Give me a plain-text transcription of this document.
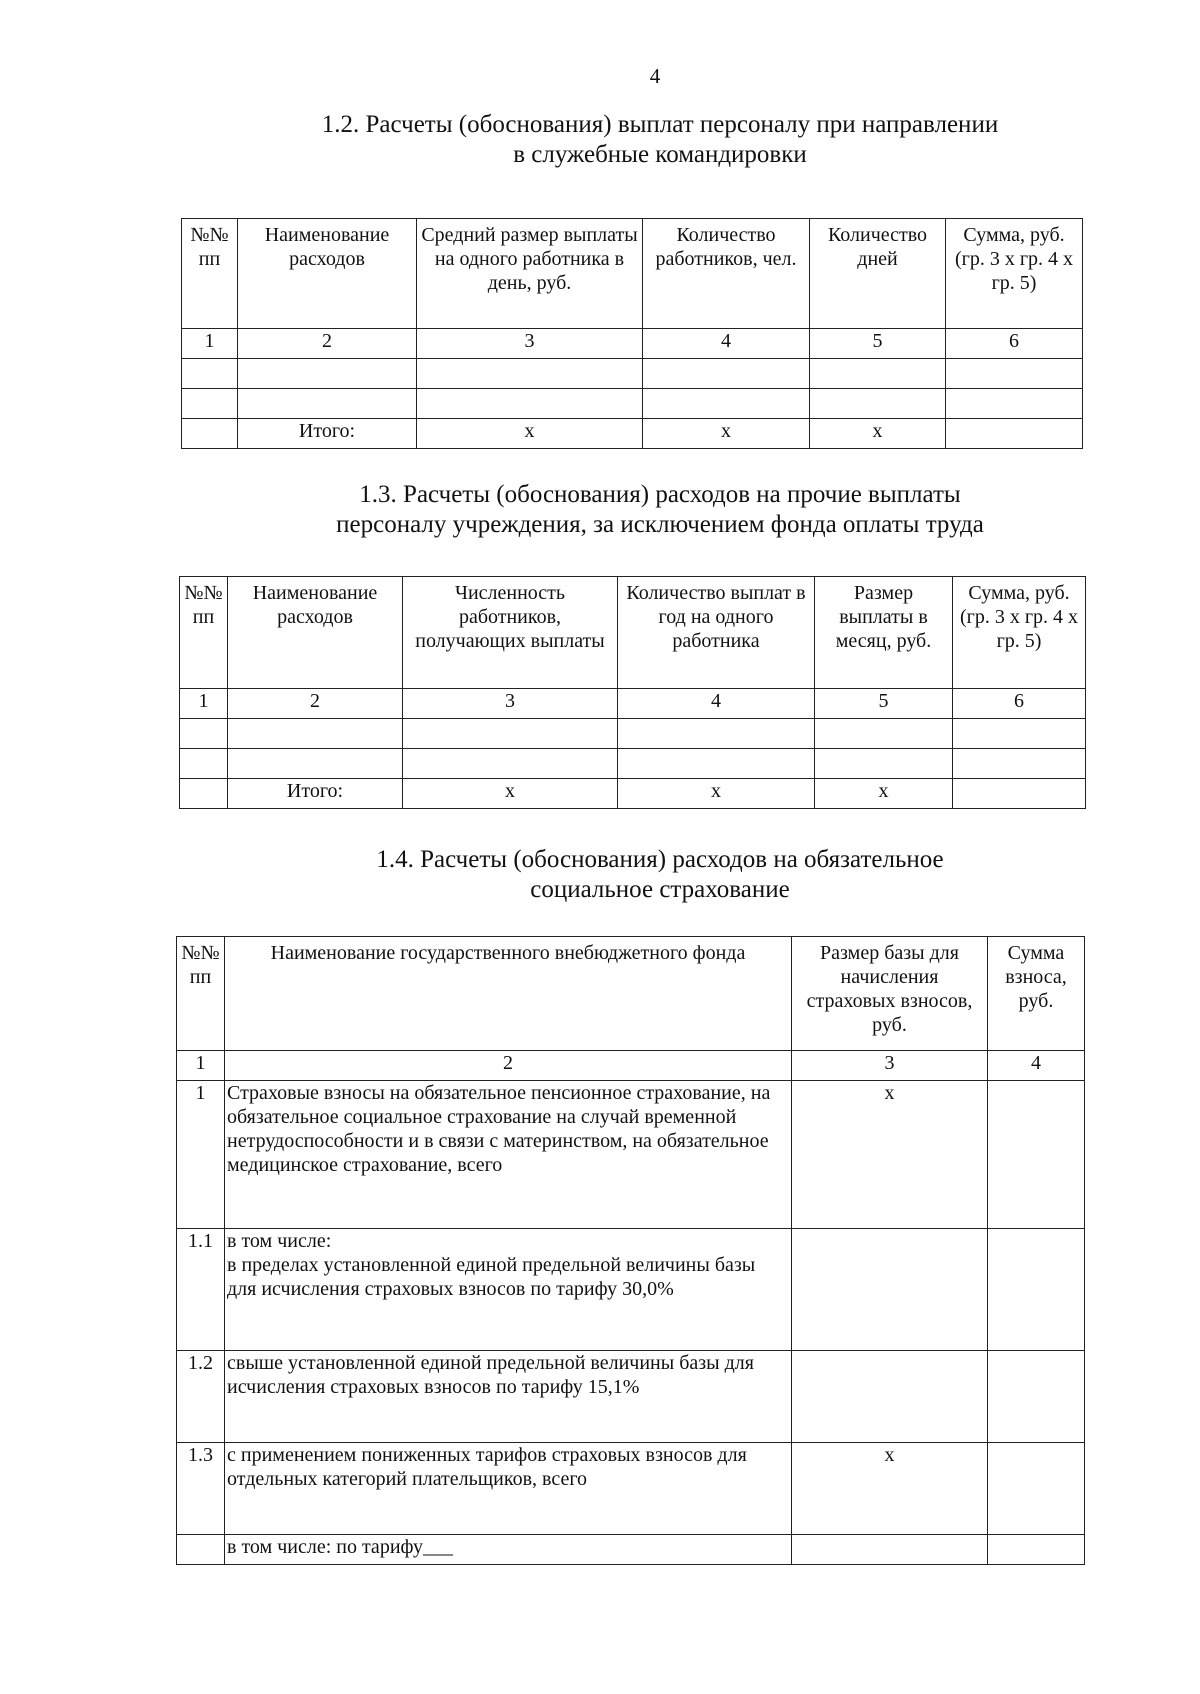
4
1.2. Расчеты (обоснования) выплат персоналу при направлении
в служебные командировки
№№ пп	Наименование расходов	Средний размер выплаты на одного работника в день, руб.	Количество работников, чел.	Количество дней	Сумма, руб. (гр. 3 х гр. 4 х гр. 5)
1	2	3	4	5	6

	Итого:	х	х	х	
1.3. Расчеты (обоснования) расходов на прочие выплаты
персоналу учреждения, за исключением фонда оплаты труда
№№ пп	Наименование расходов	Численность работников, получающих выплаты	Количество выплат в год на одного работника	Размер выплаты в месяц, руб.	Сумма, руб. (гр. 3 х гр. 4 х гр. 5)
1	2	3	4	5	6

	Итого:	х	х	х	
1.4. Расчеты (обоснования) расходов на обязательное
социальное страхование
№№ пп	Наименование государственного внебюджетного фонда	Размер базы для начисления страховых взносов, руб.	Сумма взноса, руб.
1	2	3	4
1	Страховые взносы на обязательное пенсионное страхование, на обязательное социальное страхование на случай временной нетрудоспособности и в связи с материнством, на обязательное медицинское страхование, всего	х	
1.1	в том числе:
в пределах установленной единой предельной величины базы для исчисления страховых взносов по тарифу 30,0%		
1.2	свыше установленной единой предельной величины базы для исчисления страховых взносов по тарифу 15,1%		
1.3	с применением пониженных тарифов страховых взносов для отдельных категорий плательщиков, всего	х	
	в том числе: по тарифу___		
